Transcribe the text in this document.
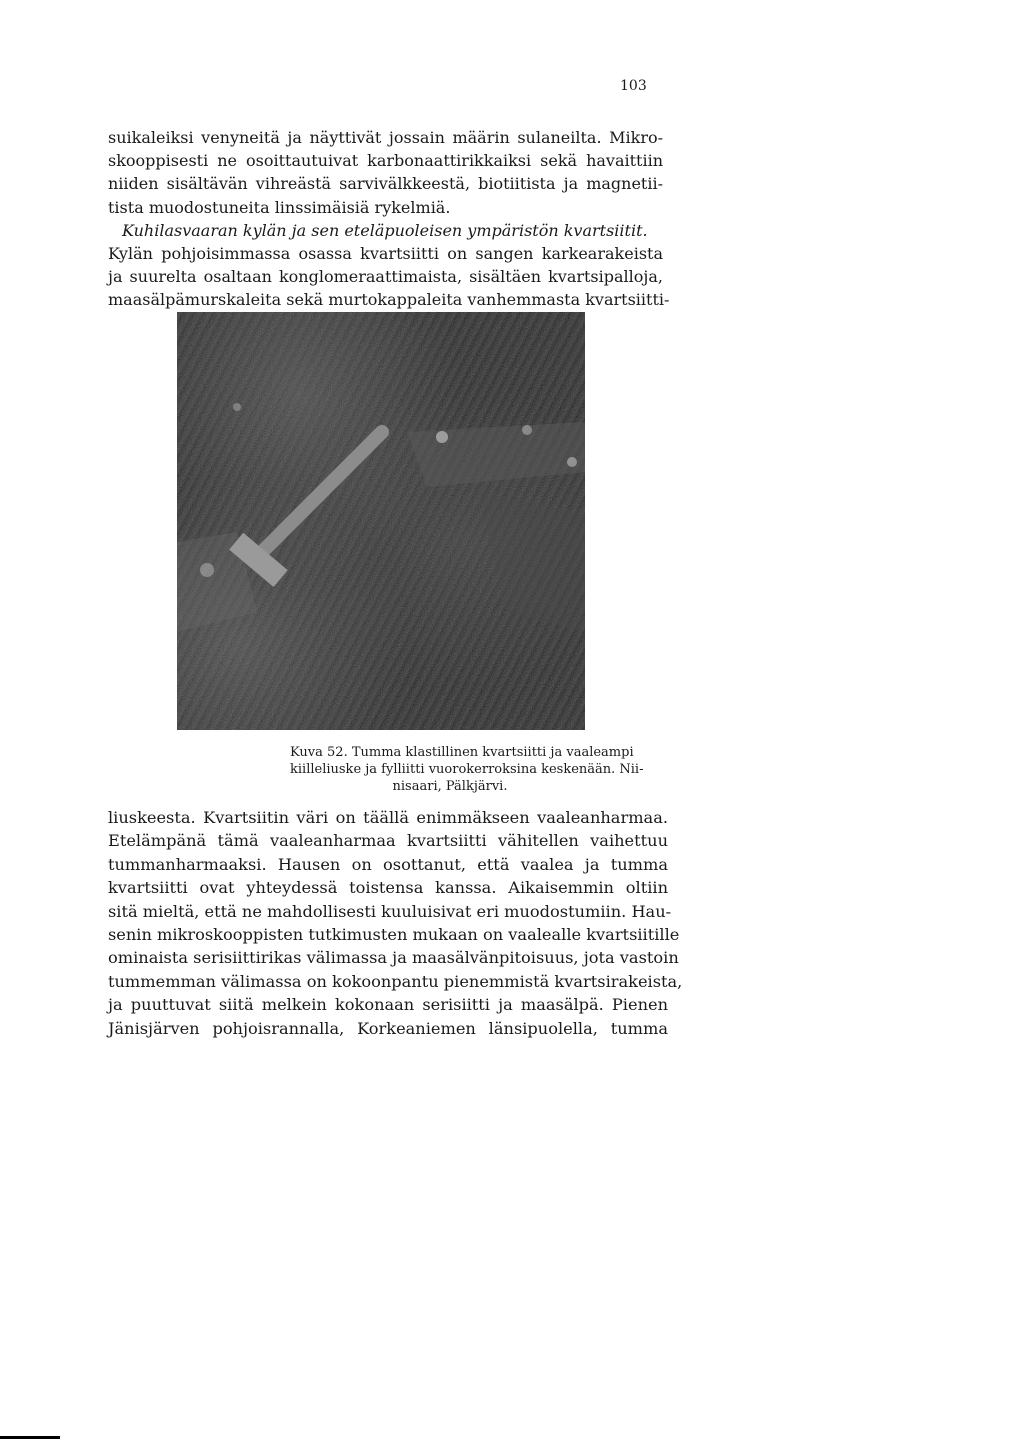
103
suikaleiksi venyneitä ja näyttivät jossain määrin sulaneilta. Mikro-
skooppisesti ne osoittautuivat karbonaattirikkaiksi sekä havaittiin
niiden sisältävän vihreästä sarvivälkkeestä, biotiitista ja magnetii-
tista muodostuneita linssimäisiä rykelmiä.
Kuhilasvaaran kylän ja sen eteläpuoleisen ympäristön kvartsiitit.
Kylän pohjoisimmassa osassa kvartsiitti on sangen karkearakeista
ja suurelta osaltaan konglomeraattimaista, sisältäen kvartsipalloja,
maasälpämurskaleita sekä murtokappaleita vanhemmasta kvartsiitti-
Kuva 52. Tumma klastillinen kvartsiitti ja vaaleampi
kiilleliuske ja fylliitti vuorokerroksina keskenään. Nii-
nisaari, Pälkjärvi.
liuskeesta. Kvartsiitin väri on täällä enimmäkseen vaaleanharmaa.
Etelämpänä tämä vaaleanharmaa kvartsiitti vähitellen vaihettuu
tummanharmaaksi. Hausen on osottanut, että vaalea ja tumma
kvartsiitti ovat yhteydessä toistensa kanssa. Aikaisemmin oltiin
sitä mieltä, että ne mahdollisesti kuuluisivat eri muodostumiin. Hau-
senin mikroskooppisten tutkimusten mukaan on vaalealle kvartsiitille
ominaista serisiittirikas välimassa ja maasälvänpitoisuus, jota vastoin
tummemman välimassa on kokoonpantu pienemmistä kvartsirakeista,
ja puuttuvat siitä melkein kokonaan serisiitti ja maasälpä. Pienen
Jänisjärven pohjoisrannalla, Korkeaniemen länsipuolella, tumma
